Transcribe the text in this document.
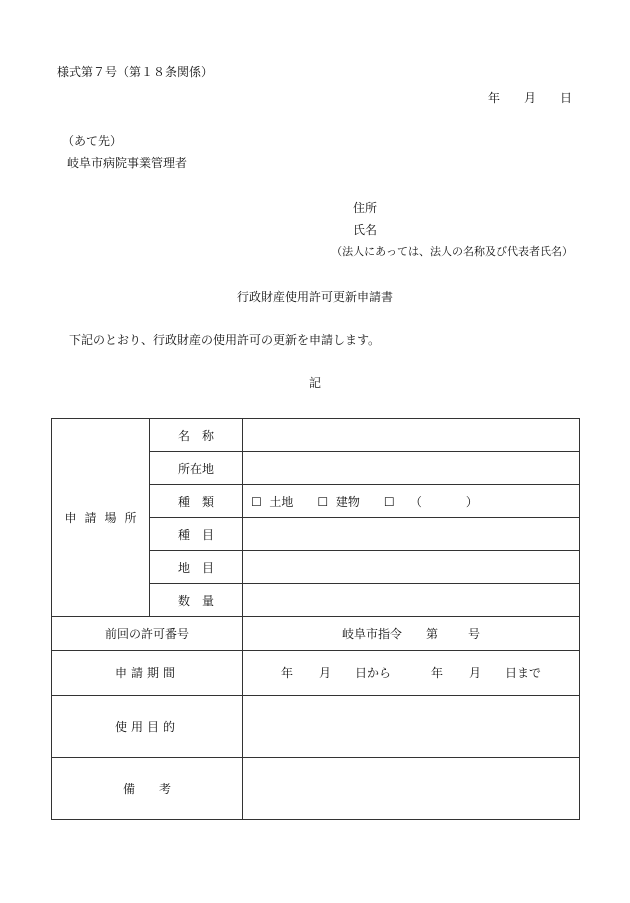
様式第７号（第１８条関係）
年 月 日
（あて先）
岐阜市病院事業管理者
住所
氏名
（法人にあっては、法人の名称及び代表者氏名）
行政財産使用許可更新申請書
下記のとおり、行政財産の使用許可の更新を申請します。
記
申請場所	名　称	
	所在地	
	種　類	☐ 土地 ☐ 建物 ☐ （ ）
	種　目	
	地　目	
	数　量	
前回の許可番号		岐阜市指令 第 号
申請期間		年 月 日から 年 月 日まで
使用目的		
備　　考		
